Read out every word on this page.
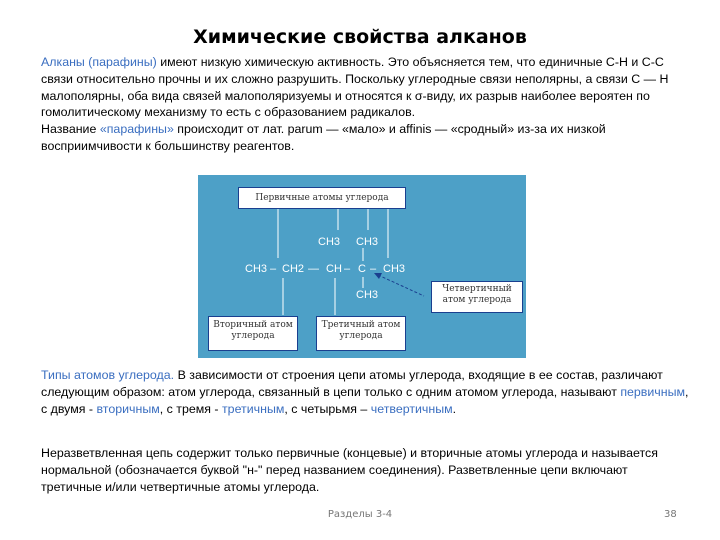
Химические свойства алканов
Алканы (парафины) имеют низкую химическую активность. Это объясняется тем, что единичные C-H и C-C связи относительно прочны и их сложно разрушить. Поскольку углеродные связи неполярны, а связи С — Н малополярны, оба вида связей малополяризуемы и относятся к σ-виду, их разрыв наиболее вероятен по гомолитическому механизму то есть с образованием радикалов.
Название «парафины» происходит от лат. parum — «мало» и affinis — «сродный» из-за их низкой восприимчивости к большинству реагентов.
Первичные атомы углерода
CH3 CH3
CH3 – CH2 — CH – C – CH3
CH3	Четвертичный атом углерода
Вторичный атом углерода
Третичный атом углерода
Типы атомов углерода. В зависимости от строения цепи атомы углерода, входящие в ее состав, различают следующим образом: атом углерода, связанный в цепи только с одним атомом углерода, называют первичным, с двумя - вторичным, с тремя - третичным, с четырьмя – четвертичным.
Неразветвленная цепь содержит только первичные (концевые) и вторичные атомы углерода и называется нормальной (обозначается буквой "н-" перед названием соединения). Разветвленные цепи включают третичные и/или четвертичные атомы углерода.
Разделы 3-4	38
